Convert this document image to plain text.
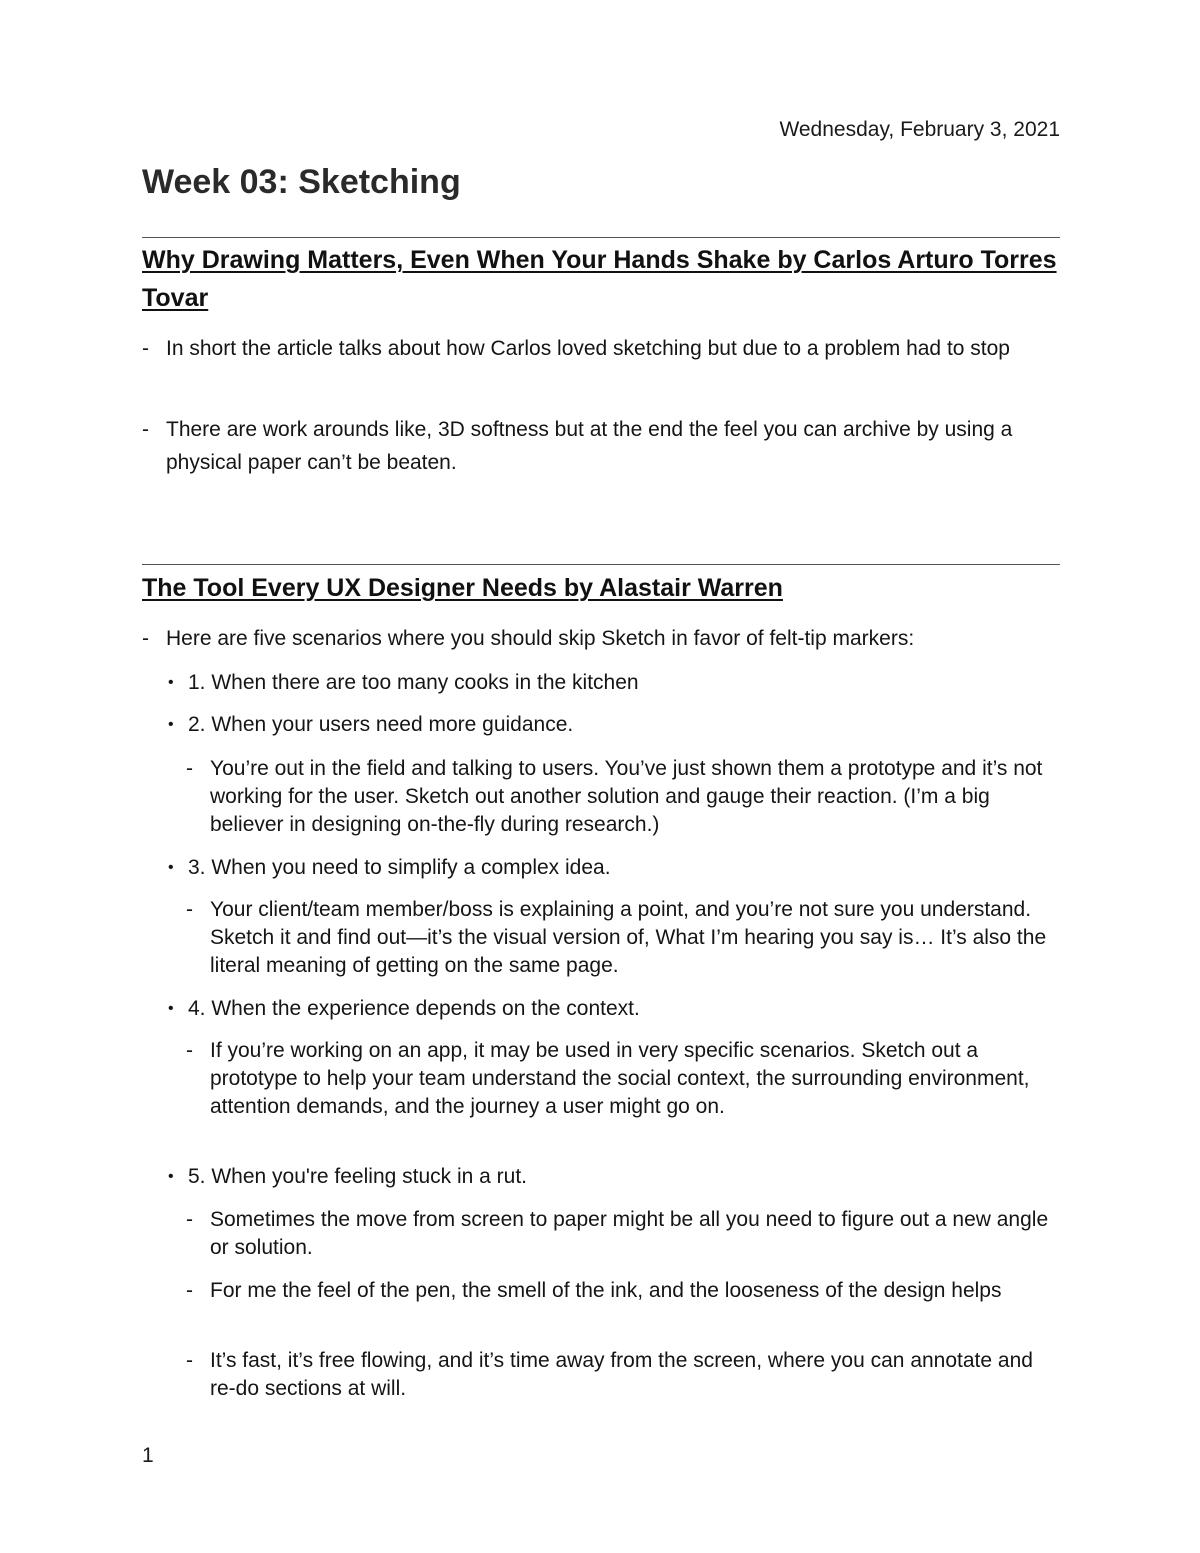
Wednesday, February 3, 2021
Week 03: Sketching
Why Drawing Matters, Even When Your Hands Shake by Carlos Arturo Torres Tovar
- In short the article talks about how Carlos loved sketching but due to a problem had to stop
- There are work arounds like, 3D softness but at the end the feel you can archive by using a physical paper can’t be beaten.
The Tool Every UX Designer Needs by Alastair Warren
- Here are five scenarios where you should skip Sketch in favor of felt-tip markers:
• 1. When there are too many cooks in the kitchen
• 2. When your users need more guidance.
- You’re out in the field and talking to users. You’ve just shown them a prototype and it’s not working for the user. Sketch out another solution and gauge their reaction. (I’m a big believer in designing on-the-fly during research.)
• 3. When you need to simplify a complex idea.
- Your client/team member/boss is explaining a point, and you’re not sure you understand. Sketch it and find out—it’s the visual version of, What I’m hearing you say is… It’s also the literal meaning of getting on the same page.
• 4. When the experience depends on the context.
- If you’re working on an app, it may be used in very specific scenarios. Sketch out a prototype to help your team understand the social context, the surrounding environment, attention demands, and the journey a user might go on.
• 5. When you're feeling stuck in a rut.
- Sometimes the move from screen to paper might be all you need to figure out a new angle or solution.
- For me the feel of the pen, the smell of the ink, and the looseness of the design helps
- It’s fast, it’s free flowing, and it’s time away from the screen, where you can annotate and re-do sections at will.
1
